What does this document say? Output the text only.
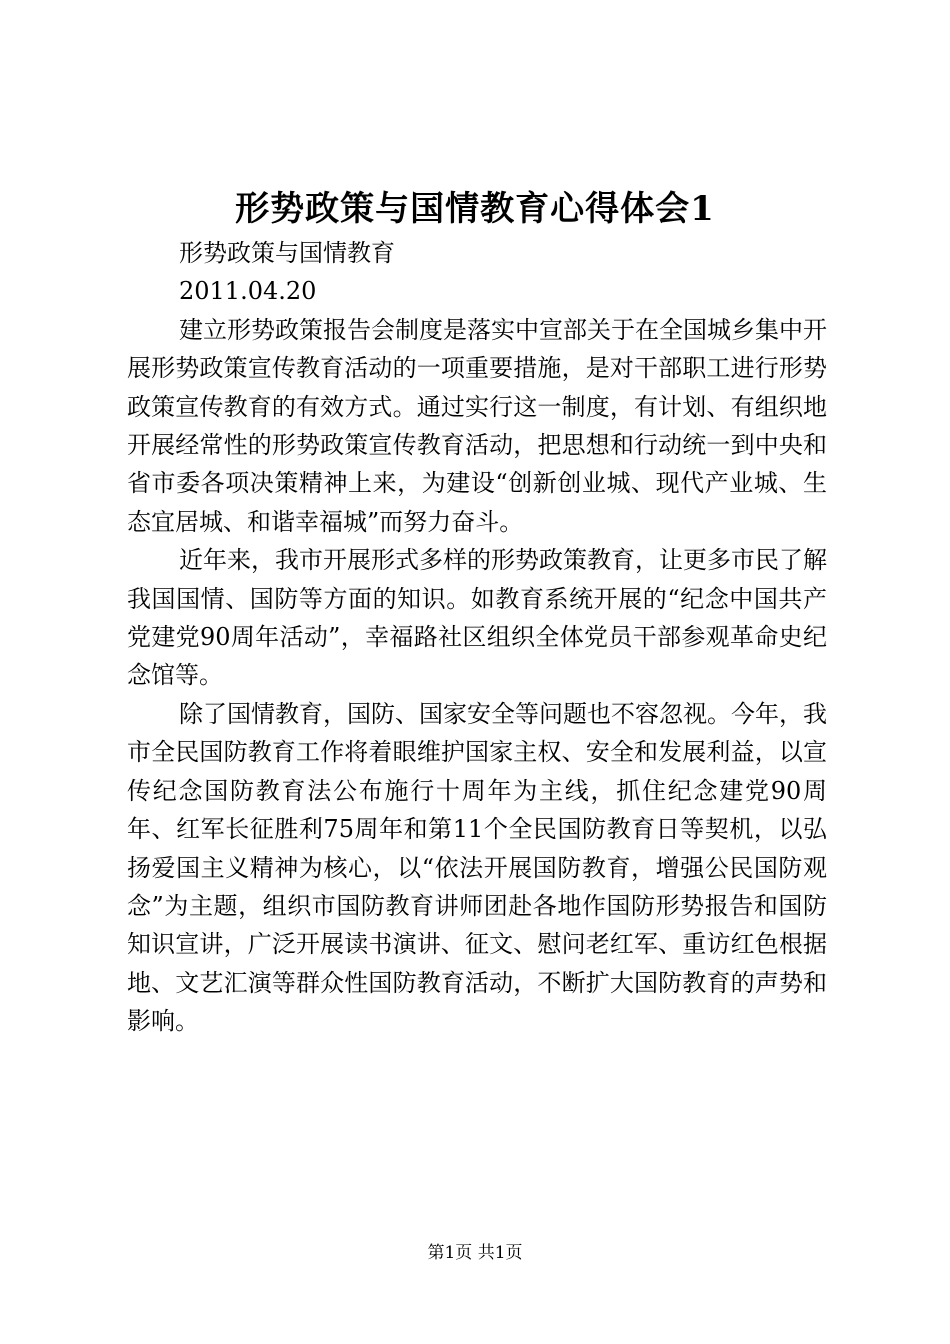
形势政策与国情教育心得体会1

形势政策与国情教育

2011.04.20

建立形势政策报告会制度是落实中宣部关于在全国城乡集中开展形势政策宣传教育活动的一项重要措施，是对干部职工进行形势政策宣传教育的有效方式。通过实行这一制度，有计划、有组织地开展经常性的形势政策宣传教育活动，把思想和行动统一到中央和省市委各项决策精神上来，为建设“创新创业城、现代产业城、生态宜居城、和谐幸福城”而努力奋斗。

近年来，我市开展形式多样的形势政策教育，让更多市民了解我国国情、国防等方面的知识。如教育系统开展的“纪念中国共产党建党90周年活动”，幸福路社区组织全体党员干部参观革命史纪念馆等。

除了国情教育，国防、国家安全等问题也不容忽视。今年，我市全民国防教育工作将着眼维护国家主权、安全和发展利益，以宣传纪念国防教育法公布施行十周年为主线，抓住纪念建党90周年、红军长征胜利75周年和第11个全民国防教育日等契机，以弘扬爱国主义精神为核心，以“依法开展国防教育，增强公民国防观念”为主题，组织市国防教育讲师团赴各地作国防形势报告和国防知识宣讲，广泛开展读书演讲、征文、慰问老红军、重访红色根据地、文艺汇演等群众性国防教育活动，不断扩大国防教育的声势和影响。

第1页 共1页
